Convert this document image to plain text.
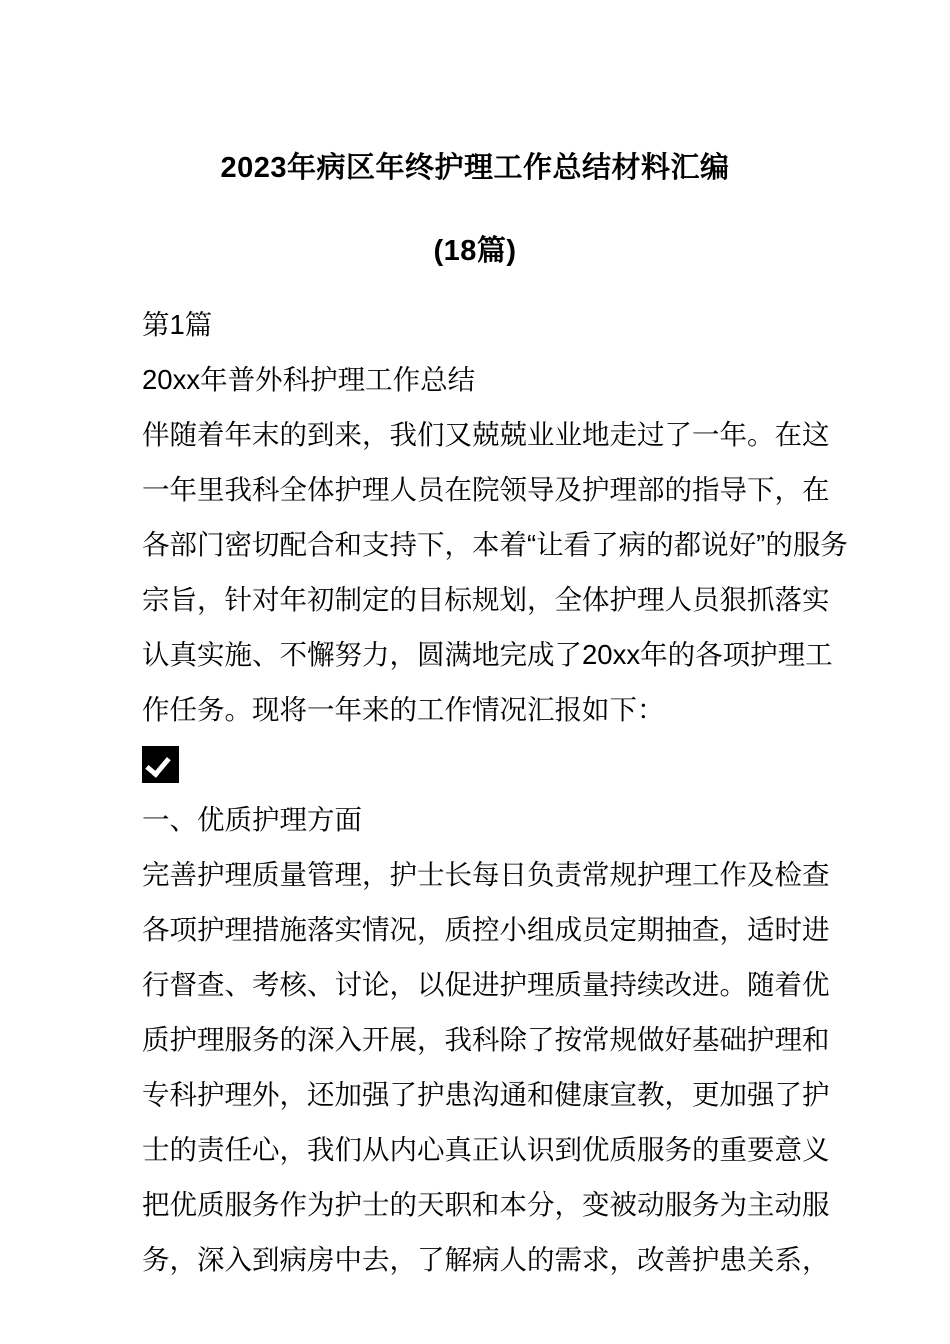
2023年病区年终护理工作总结材料汇编
(18篇)
第1篇
20xx年普外科护理工作总结
伴随着年末的到来，我们又兢兢业业地走过了一年。在这
一年里我科全体护理人员在院领导及护理部的指导下，在
各部门密切配合和支持下，本着“让看了病的都说好”的服务
宗旨，针对年初制定的目标规划，全体护理人员狠抓落实
认真实施、不懈努力，圆满地完成了20xx年的各项护理工
作任务。现将一年来的工作情况汇报如下：
一、优质护理方面
完善护理质量管理，护士长每日负责常规护理工作及检查
各项护理措施落实情况，质控小组成员定期抽查，适时进
行督查、考核、讨论，以促进护理质量持续改进。随着优
质护理服务的深入开展，我科除了按常规做好基础护理和
专科护理外，还加强了护患沟通和健康宣教，更加强了护
士的责任心，我们从内心真正认识到优质服务的重要意义
把优质服务作为护士的天职和本分，变被动服务为主动服
务，深入到病房中去，了解病人的需求，改善护患关系，
